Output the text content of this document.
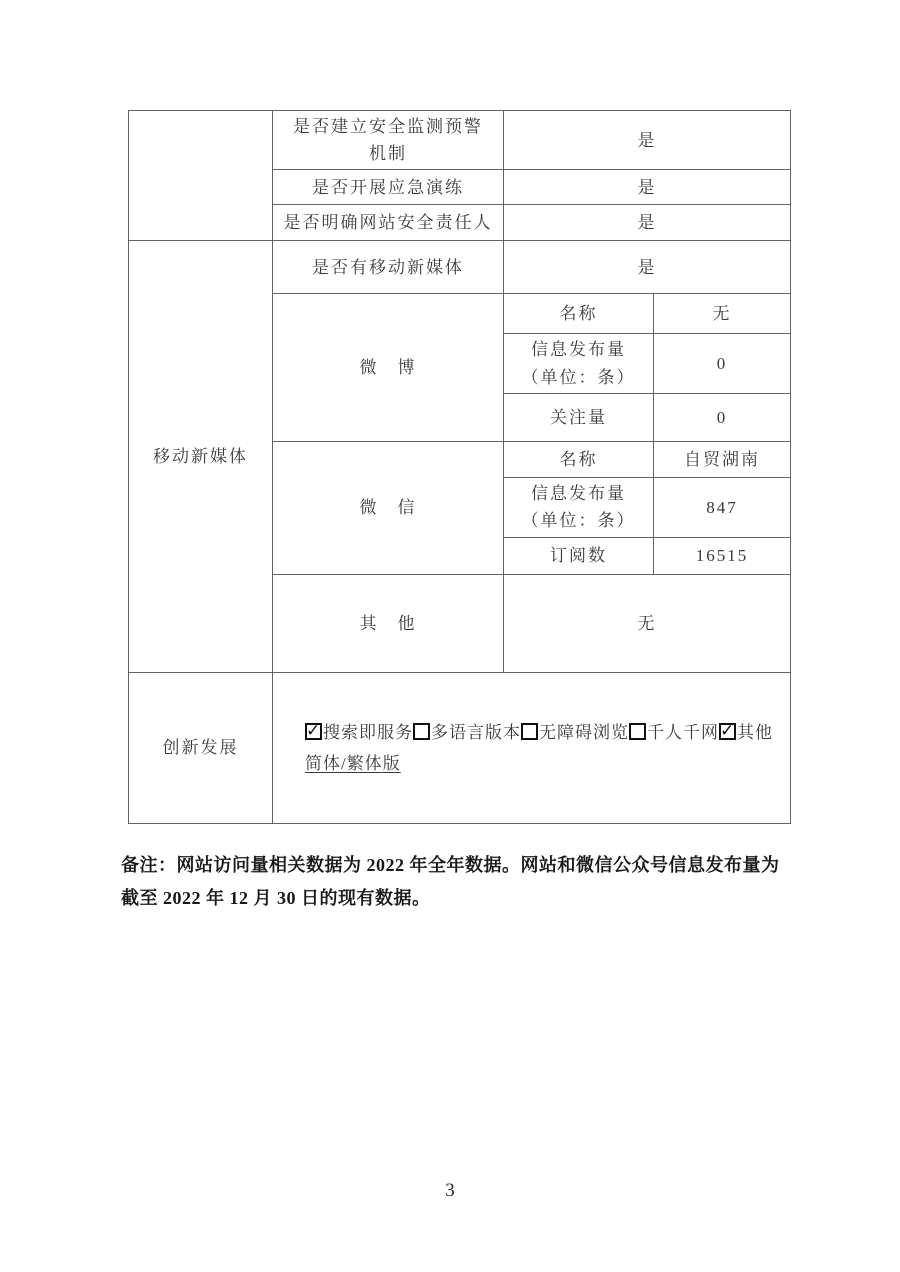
	是否建立安全监测预警
机制	是	
	是否开展应急演练	是	
	是否明确网站安全责任人	是	
移动新媒体	是否有移动新媒体	是	
	微　博	名称	无

		信息发布量
（单位：条）	0
		关注量	0
	微　信	名称	自贸湖南

		信息发布量
（单位：条）	847
		订阅数	16515
	其　他	无	
创新发展	
✓搜索即服务 多语言版本 无障碍浏览 千人千网 ✓ 其他
简体/繁体版
备注：网站访问量相关数据为 2022 年全年数据。网站和微信公众号信息发布量为
截至 2022 年 12 月 30 日的现有数据。
3
